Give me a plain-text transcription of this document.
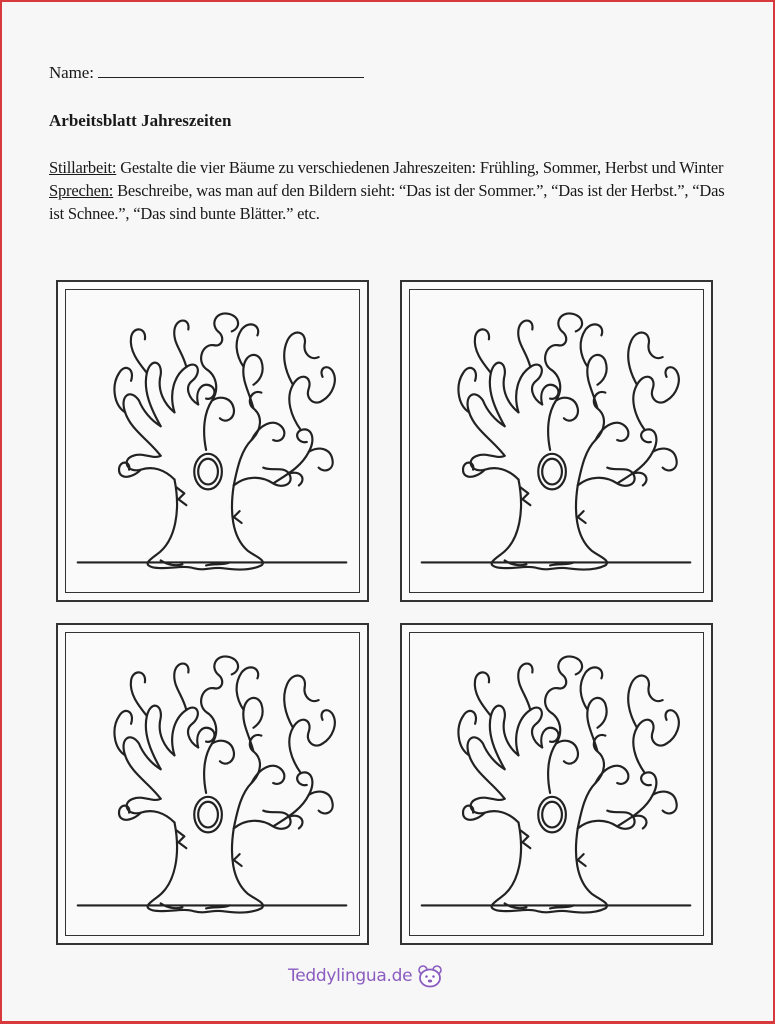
Name:
Arbeitsblatt Jahreszeiten
Stillarbeit: Gestalte die vier Bäume zu verschiedenen Jahreszeiten: Frühling, Sommer, Herbst und Winter
Sprechen: Beschreibe, was man auf den Bildern sieht: “Das ist der Sommer.”, “Das ist der Herbst.”, “Das ist Schnee.”, “Das sind bunte Blätter.” etc.
Teddylingua.de
